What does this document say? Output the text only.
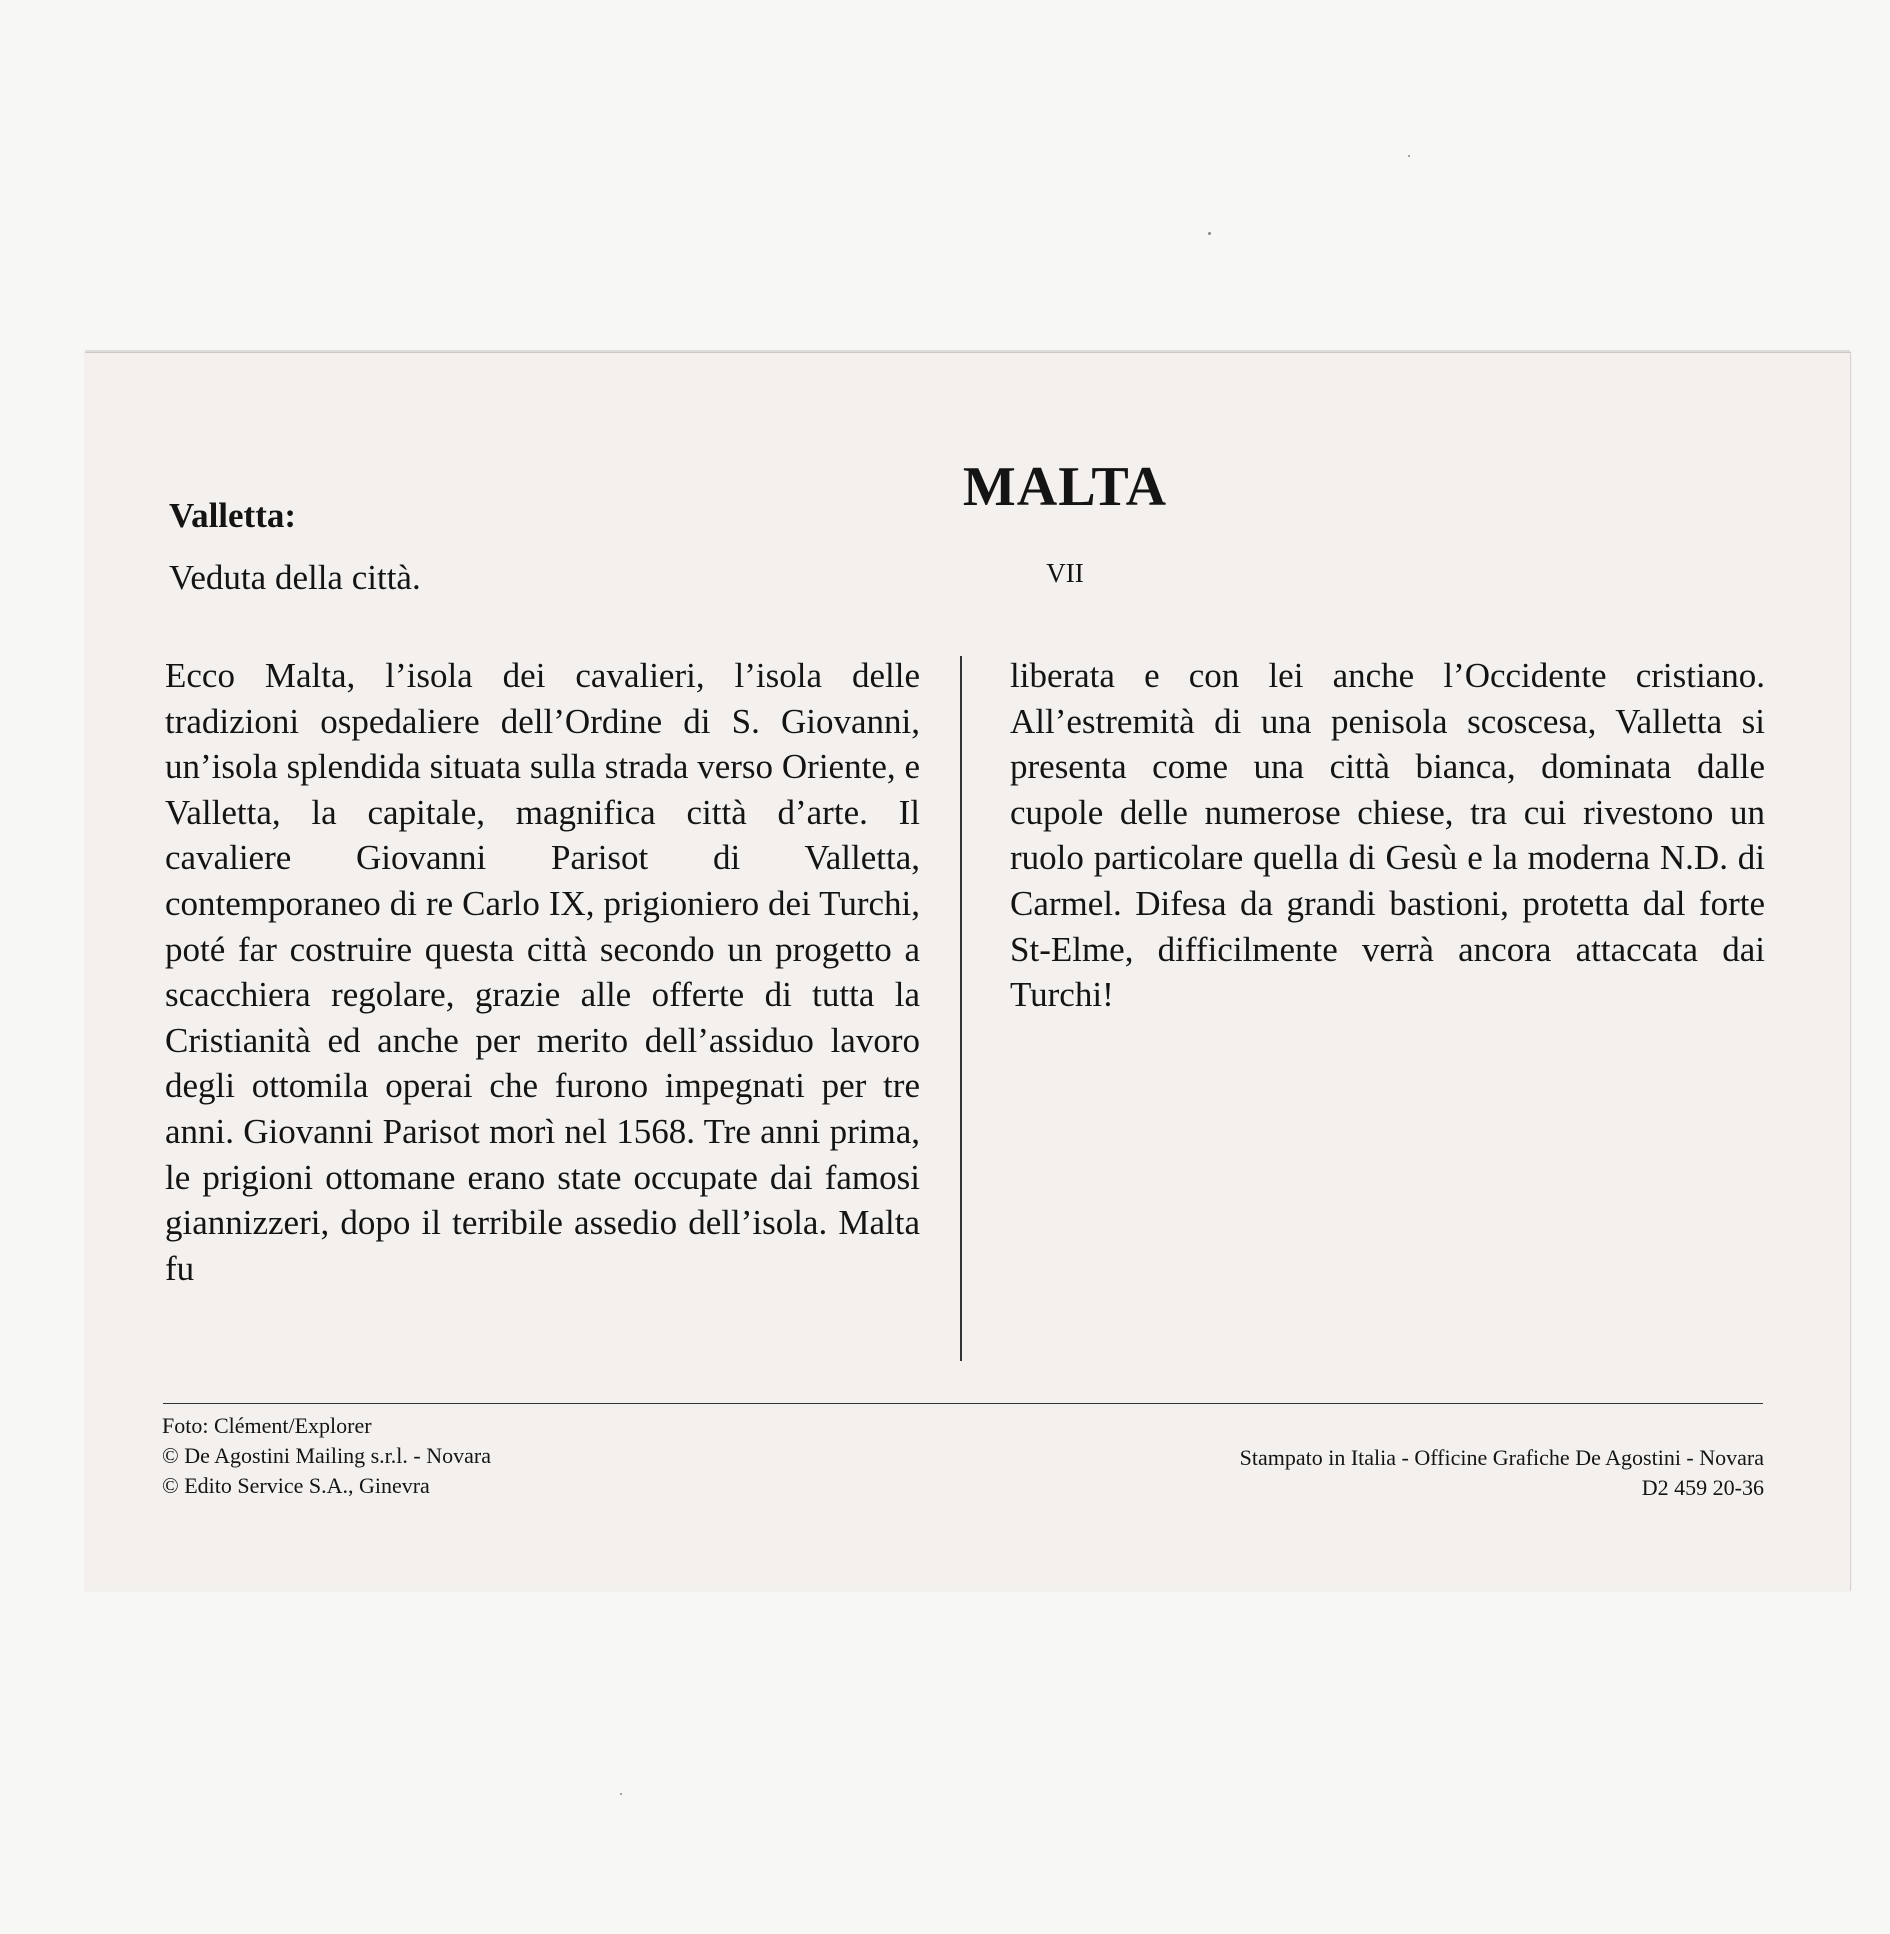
Valletta:

Veduta della città.

MALTA

VII

Ecco Malta, l’isola dei cavalieri, l’isola delle tradizioni ospedaliere dell’Ordine di S. Giovanni, un’isola splendida situata sulla strada verso Oriente, e Valletta, la capitale, magnifica città d’arte. Il cavaliere Giovanni Parisot di Valletta, contemporaneo di re Carlo IX, prigioniero dei Turchi, poté far costruire questa città secondo un progetto a scacchiera regolare, grazie alle offerte di tutta la Cristianità ed anche per merito dell’assiduo lavoro degli ottomila operai che furono impegnati per tre anni. Giovanni Parisot morì nel 1568. Tre anni prima, le prigioni ottomane erano state occupate dai famosi giannizzeri, dopo il terribile assedio dell’isola. Malta fu

liberata e con lei anche l’Occidente cristiano. All’estremità di una penisola scoscesa, Valletta si presenta come una città bianca, dominata dalle cupole delle numerose chiese, tra cui rivestono un ruolo particolare quella di Gesù e la moderna N.D. di Carmel. Difesa da grandi bastioni, protetta dal forte St-Elme, difficilmente verrà ancora attaccata dai Turchi!

Foto: Clément/Explorer
© De Agostini Mailing s.r.l. - Novara
© Edito Service S.A., Ginevra
Stampato in Italia - Officine Grafiche De Agostini - Novara
D2 459 20-36
